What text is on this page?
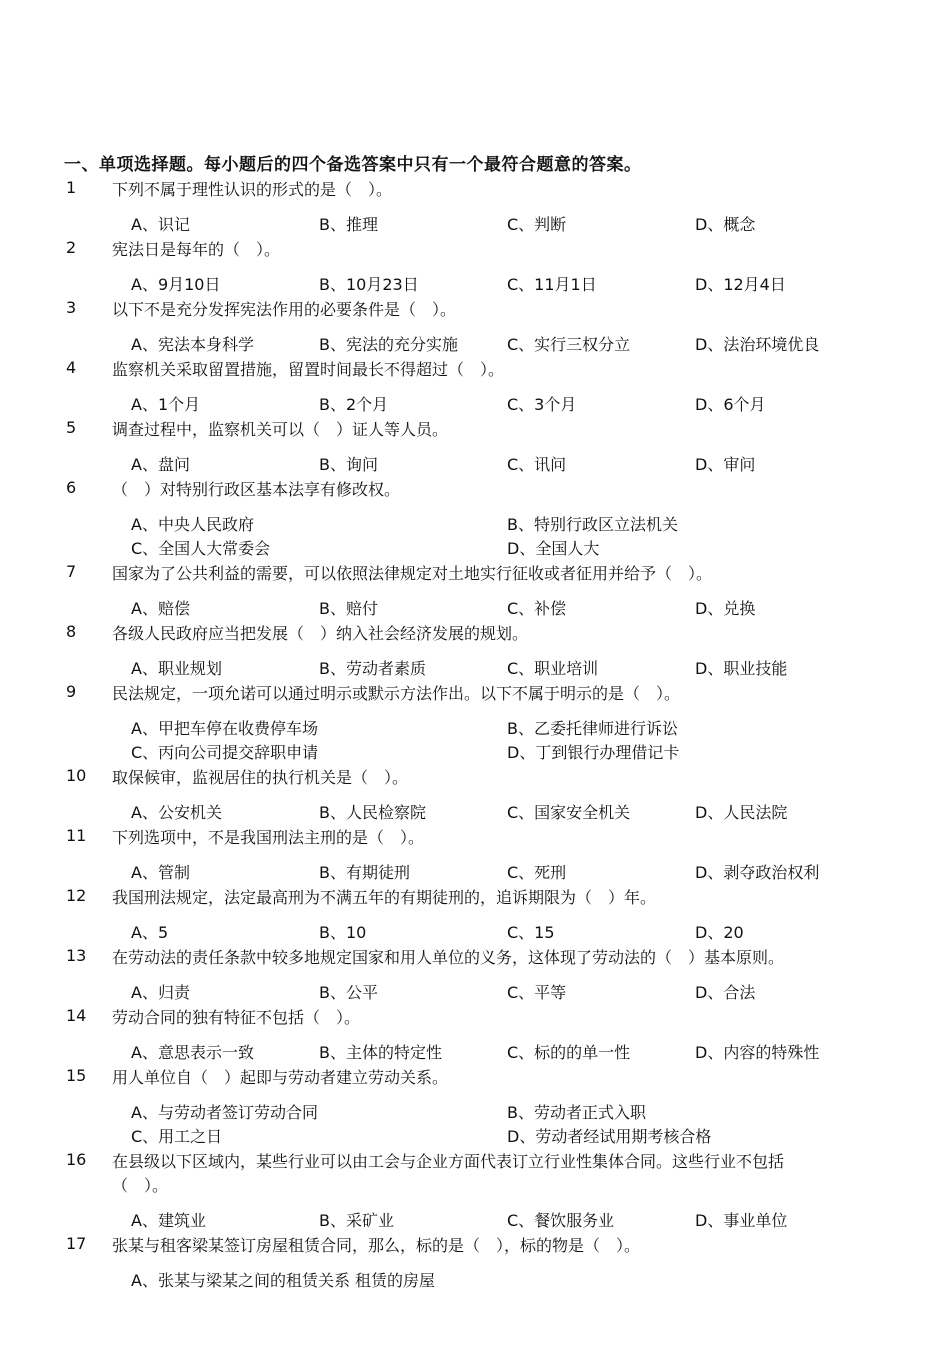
一、单项选择题。每小题后的四个备选答案中只有一个最符合题意的答案。
1 下列不属于理性认识的形式的是（　）。
A、识记	B、推理	C、判断	D、概念
2 宪法日是每年的（　）。
A、9月10日	B、10月23日	C、11月1日	D、12月4日
3 以下不是充分发挥宪法作用的必要条件是（　）。
A、宪法本身科学	B、宪法的充分实施	C、实行三权分立	D、法治环境优良
4 监察机关采取留置措施，留置时间最长不得超过（　）。
A、1个月	B、2个月	C、3个月	D、6个月
5 调查过程中，监察机关可以（　）证人等人员。
A、盘问	B、询问	C、讯问	D、审问
6 （　）对特别行政区基本法享有修改权。
A、中央人民政府	B、特别行政区立法机关
C、全国人大常委会	D、全国人大
7 国家为了公共利益的需要，可以依照法律规定对土地实行征收或者征用并给予（　）。
A、赔偿	B、赔付	C、补偿	D、兑换
8 各级人民政府应当把发展（　）纳入社会经济发展的规划。
A、职业规划	B、劳动者素质	C、职业培训	D、职业技能
9 民法规定，一项允诺可以通过明示或默示方法作出。以下不属于明示的是（　）。
A、甲把车停在收费停车场	B、乙委托律师进行诉讼
C、丙向公司提交辞职申请	D、丁到银行办理借记卡
10 取保候审，监视居住的执行机关是（　）。
A、公安机关	B、人民检察院	C、国家安全机关	D、人民法院
11 下列选项中，不是我国刑法主刑的是（　）。
A、管制	B、有期徒刑	C、死刑	D、剥夺政治权利
12 我国刑法规定，法定最高刑为不满五年的有期徒刑的，追诉期限为（　）年。
A、5	B、10	C、15	D、20
13 在劳动法的责任条款中较多地规定国家和用人单位的义务，这体现了劳动法的（　）基本原则。
A、归责	B、公平	C、平等	D、合法
14 劳动合同的独有特征不包括（　）。
A、意思表示一致	B、主体的特定性	C、标的的单一性	D、内容的特殊性
15 用人单位自（　）起即与劳动者建立劳动关系。
A、与劳动者签订劳动合同	B、劳动者正式入职
C、用工之日	D、劳动者经试用期考核合格
16 在县级以下区域内，某些行业可以由工会与企业方面代表订立行业性集体合同。这些行业不包括（　）。
A、建筑业	B、采矿业	C、餐饮服务业	D、事业单位
17 张某与租客梁某签订房屋租赁合同，那么，标的是（　），标的物是（　）。
A、张某与梁某之间的租赁关系 租赁的房屋
